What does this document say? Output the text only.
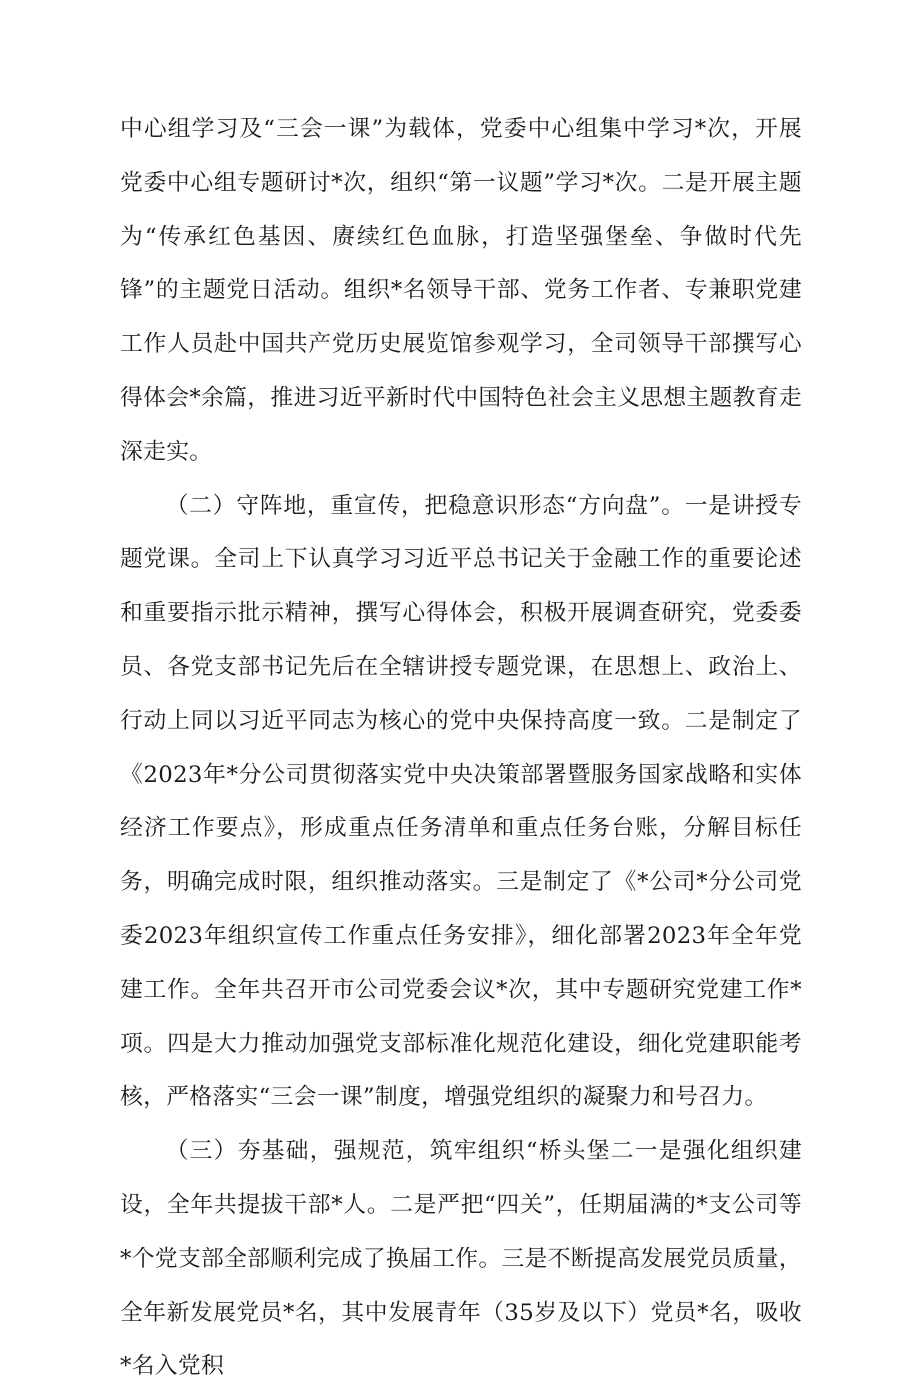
中心组学习及“三会一课”为载体，党委中心组集中学习*次，开展党委中心组专题研讨*次，组织“第一议题”学习*次。二是开展主题为“传承红色基因、赓续红色血脉，打造坚强堡垒、争做时代先锋”的主题党日活动。组织*名领导干部、党务工作者、专兼职党建工作人员赴中国共产党历史展览馆参观学习，全司领导干部撰写心得体会*余篇，推进习近平新时代中国特色社会主义思想主题教育走深走实。

（二）守阵地，重宣传，把稳意识形态“方向盘”。一是讲授专题党课。全司上下认真学习习近平总书记关于金融工作的重要论述和重要指示批示精神，撰写心得体会，积极开展调查研究，党委委员、各党支部书记先后在全辖讲授专题党课，在思想上、政治上、行动上同以习近平同志为核心的党中央保持高度一致。二是制定了《2023年*分公司贯彻落实党中央决策部署暨服务国家战略和实体经济工作要点》，形成重点任务清单和重点任务台账，分解目标任务，明确完成时限，组织推动落实。三是制定了《*公司*分公司党委2023年组织宣传工作重点任务安排》，细化部署2023年全年党建工作。全年共召开市公司党委会议*次，其中专题研究党建工作*项。四是大力推动加强党支部标准化规范化建设，细化党建职能考核，严格落实“三会一课”制度，增强党组织的凝聚力和号召力。

（三）夯基础，强规范，筑牢组织“桥头堡二一是强化组织建设，全年共提拔干部*人。二是严把“四关”，任期届满的*支公司等*个党支部全部顺利完成了换届工作。三是不断提高发展党员质量，全年新发展党员*名，其中发展青年（35岁及以下）党员*名，吸收*名入党积
